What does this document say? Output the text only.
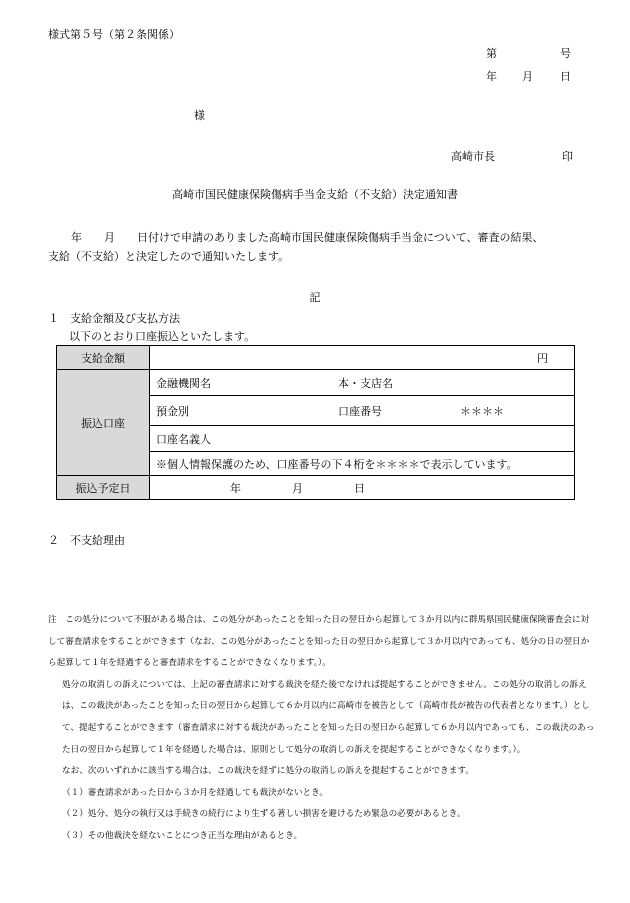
様式第５号（第２条関係）
第	号
年 月 日
様
高崎市長	印
高崎市国民健康保険傷病手当金支給（不支給）決定通知書
年　　月　　日付けで申請のありました高崎市国民健康保険傷病手当金について、審査の結果、
支給（不支給）と決定したので通知いたします。
記
１　支給金額及び支払方法
以下のとおり口座振込といたします。
支給金額	円
振込口座	金融機関名 本・支店名

	預金別 口座番号 ＊＊＊＊

	口座名義人
	※個人情報保護のため、口座番号の下４桁を＊＊＊＊で表示しています。
振込予定日	年 月 日
２　不支給理由

注　この処分について不服がある場合は、この処分があったことを知った日の翌日から起算して３か月以内に群馬県国民健康保険審査会に対して審査請求をすることができます（なお、この処分があったことを知った日の翌日から起算して３か月以内であっても、処分の日の翌日から起算して１年を経過すると審査請求をすることができなくなります。）。

処分の取消しの訴えについては、上記の審査請求に対する裁決を経た後でなければ提起することができません。この処分の取消しの訴えは、この裁決があったことを知った日の翌日から起算して６か月以内に高崎市を被告として（高崎市長が被告の代表者となります。）として、提起することができます（審査請求に対する裁決があったことを知った日の翌日から起算して６か月以内であっても、この裁決のあった日の翌日から起算して１年を経過した場合は、原則として処分の取消しの訴えを提起することができなくなります。）。

なお、次のいずれかに該当する場合は、この裁決を経ずに処分の取消しの訴えを提起することができます。

（１）審査請求があった日から３か月を経過しても裁決がないとき。

（２）処分、処分の執行又は手続きの続行により生ずる著しい損害を避けるため緊急の必要があるとき。

（３）その他裁決を経ないことにつき正当な理由があるとき。
